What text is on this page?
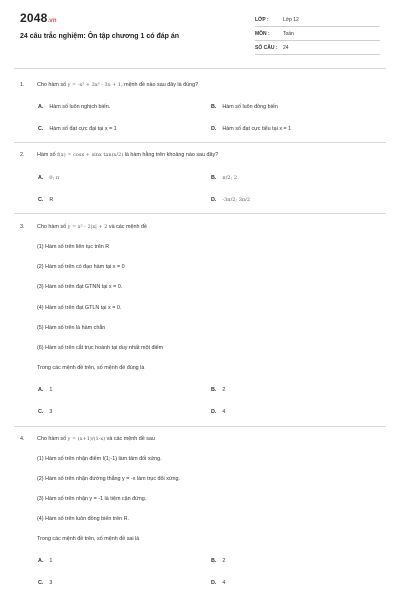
2048.vn
24 câu trắc nghiệm: Ôn tập chương 1 có đáp án
LỚP :	Lớp 12
MÔN :	Toán
SỐ CÂU : 24
1. Cho hàm số y = -x³ + 3x² - 3x + 1, mệnh đề nào sau đây là đúng?
A. Hàm số luôn nghịch biến.	B. Hàm số luôn đồng biến
C. Hàm số đạt cực đại tại x = 1	D. Hàm số đạt cực tiểu tại x = 1
2. Hàm số f(x) = cosx + sinx tan(x/2) là hàm hằng trên khoảng nào sau đây?
A. 0; π	B. π/2; 2
C. R	D. -3π/2; 3π/2
3. Cho hàm số y = x² - 2|x| + 2 và các mệnh đề
(1) Hàm số trên liên tục trên R
(2) Hàm số trên có đạo hàm tại x = 0
(3) Hàm số trên đạt GTNN tại x = 0.
(4) Hàm số trên đạt GTLN tại x = 0.
(5) Hàm số trên là hàm chẵn
(6) Hàm số trên cắt trục hoành tại duy nhất một điểm
Trong các mệnh đề trên, số mệnh đề đúng là
A. 1	B. 2
C. 3	D. 4
4. Cho hàm số y = (x+1)/(1-x) và các mệnh đề sau
(1) Hàm số trên nhận điểm I(1;-1) làm tâm đối xứng.
(2) Hàm số trên nhận đường thẳng y = -x làm trục đối xứng.
(3) Hàm số trên nhận y = -1 là tiệm cận đứng.
(4) Hàm số trên luôn đồng biến trên R.
Trong các mệnh đề trên, số mệnh đề sai là
A. 1	B. 2
C. 3	D. 4
